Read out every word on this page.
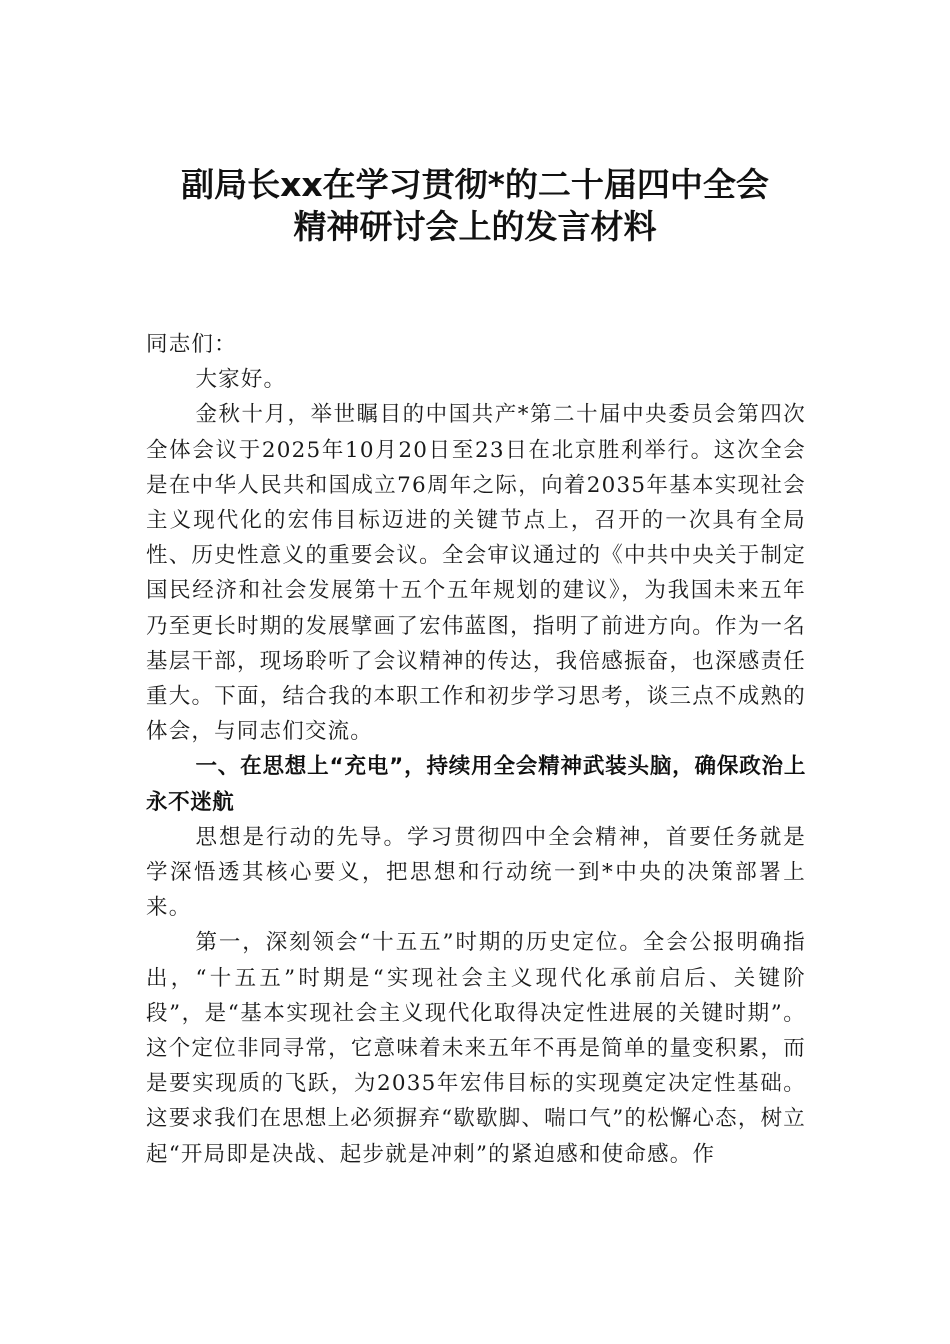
副局长xx在学习贯彻*的二十届四中全会
精神研讨会上的发言材料

同志们：

大家好。

金秋十月，举世瞩目的中国共产*第二十届中央委员会第四次全体会议于2025年10月20日至23日在北京胜利举行。这次全会是在中华人民共和国成立76周年之际，向着2035年基本实现社会主义现代化的宏伟目标迈进的关键节点上，召开的一次具有全局性、历史性意义的重要会议。全会审议通过的《中共中央关于制定国民经济和社会发展第十五个五年规划的建议》，为我国未来五年乃至更长时期的发展擘画了宏伟蓝图，指明了前进方向。作为一名基层干部，现场聆听了会议精神的传达，我倍感振奋，也深感责任重大。下面，结合我的本职工作和初步学习思考，谈三点不成熟的体会，与同志们交流。

一、在思想上“充电”，持续用全会精神武装头脑，确保政治上永不迷航

思想是行动的先导。学习贯彻四中全会精神，首要任务就是学深悟透其核心要义，把思想和行动统一到*中央的决策部署上来。

第一，深刻领会“十五五”时期的历史定位。全会公报明确指出，“十五五”时期是“实现社会主义现代化承前启后、关键阶段”，是“基本实现社会主义现代化取得决定性进展的关键时期”。这个定位非同寻常，它意味着未来五年不再是简单的量变积累，而是要实现质的飞跃，为2035年宏伟目标的实现奠定决定性基础。这要求我们在思想上必须摒弃“歇歇脚、喘口气”的松懈心态，树立起“开局即是决战、起步就是冲刺”的紧迫感和使命感。作
